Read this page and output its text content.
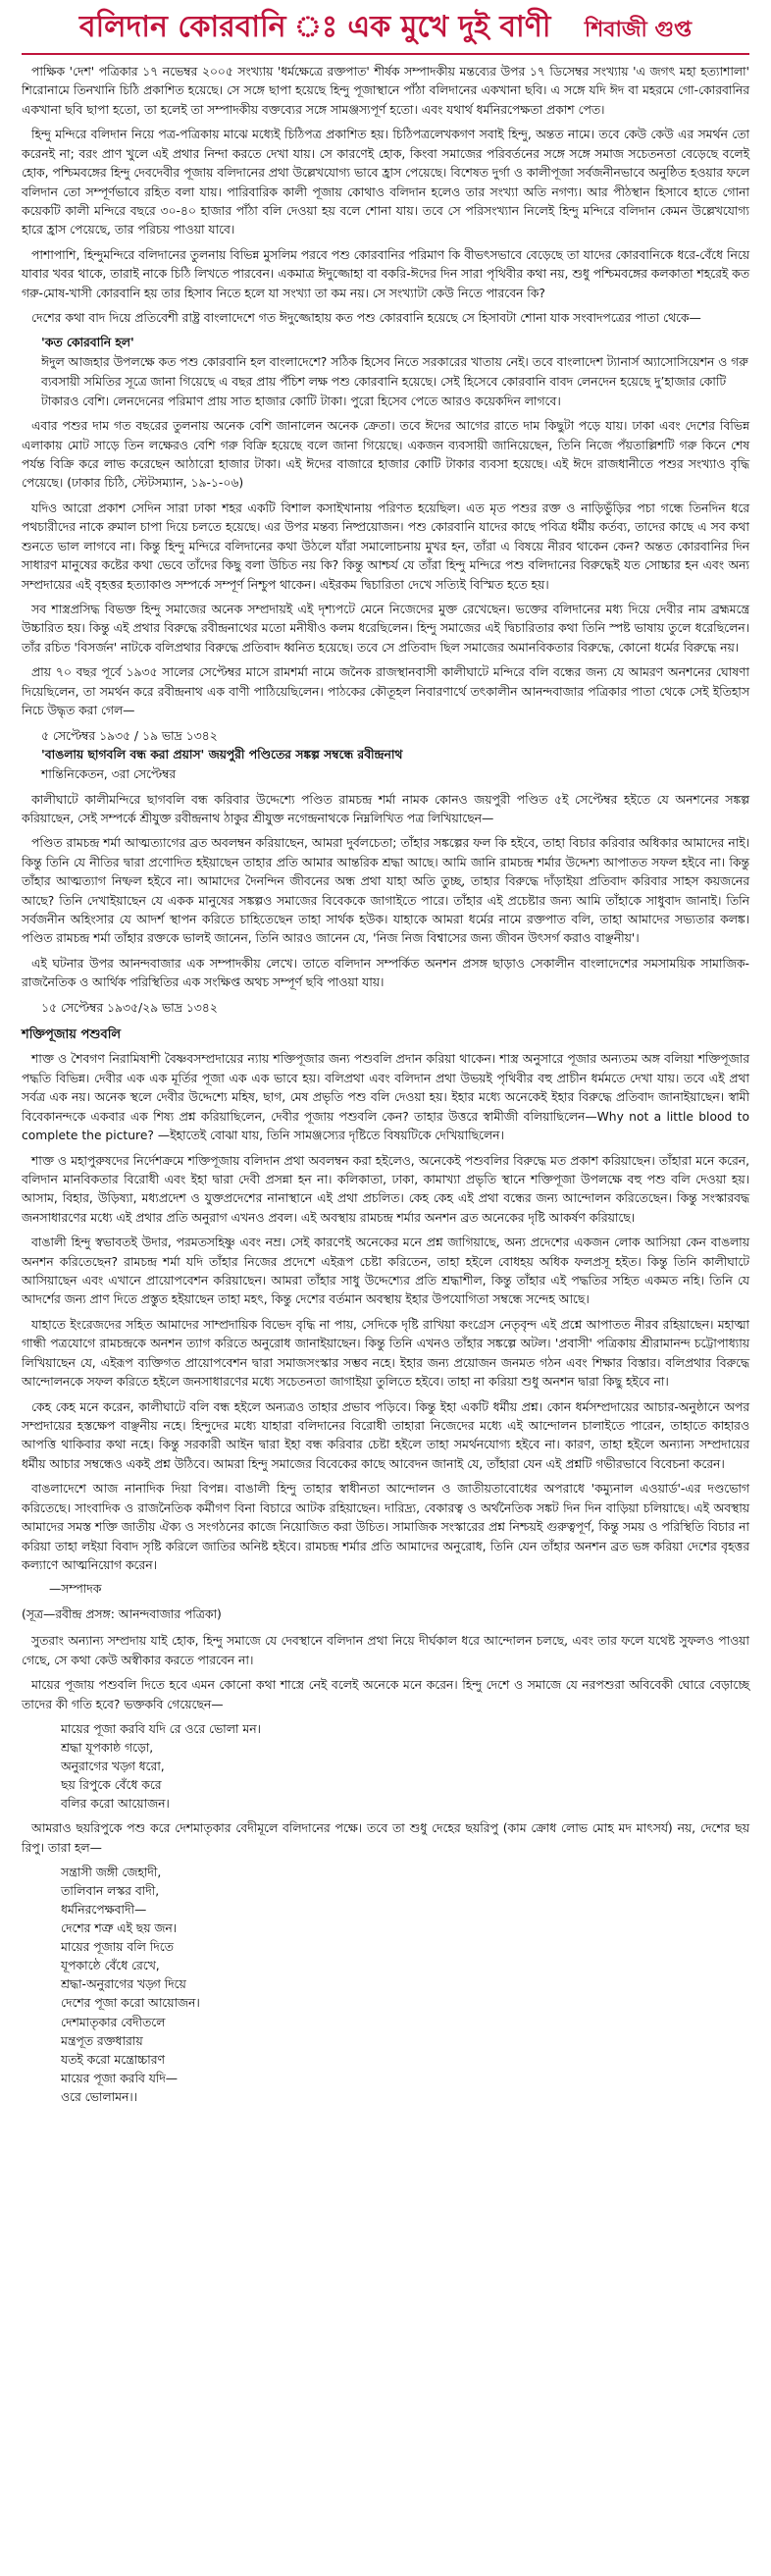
বলিদান কোরবানি ঃ এক মুখে দুই বাণী শিবাজী গুপ্ত

পাক্ষিক 'দেশ' পত্রিকার ১৭ নভেম্বর ২০০৫ সংখ্যায় 'ধর্মক্ষেত্রে রক্তপাত' শীর্ষক সম্পাদকীয় মন্তব্যের উপর ১৭ ডিসেম্বর সংখ্যায় 'এ জগৎ মহা হত্যাশালা' শিরোনামে তিনখানি চিঠি প্রকাশিত হয়েছে। সে সঙ্গে ছাপা হয়েছে হিন্দু পূজাস্থানে পাঁঠা বলিদানের একখানা ছবি। এ সঙ্গে যদি ঈদ বা মহরমে গো-কোরবানির একখানা ছবি ছাপা হতো, তা হলেই তা সম্পাদকীয় বক্তব্যের সঙ্গে সামঞ্জস্যপূর্ণ হতো। এবং যথার্থ ধর্মনিরপেক্ষতা প্রকাশ পেত।

হিন্দু মন্দিরে বলিদান নিয়ে পত্র-পত্রিকায় মাঝে মধ্যেই চিঠিপত্র প্রকাশিত হয়। চিঠিপত্রলেখকগণ সবাই হিন্দু, অন্তত নামে। তবে কেউ কেউ এর সমর্থন তো করেনই না; বরং প্রাণ খুলে এই প্রথার নিন্দা করতে দেখা যায়। সে কারণেই হোক, কিংবা সমাজের পরিবর্তনের সঙ্গে সঙ্গে সমাজ সচেতনতা বেড়েছে বলেই হোক, পশ্চিমবঙ্গের হিন্দু দেবদেবীর পূজায় বলিদানের প্রথা উল্লেখযোগ্য ভাবে হ্রাস পেয়েছে। বিশেষত দুর্গা ও কালীপূজা সর্বজনীনভাবে অনুষ্ঠিত হওয়ার ফলে বলিদান তো সম্পূর্ণভাবে রহিত বলা যায়। পারিবারিক কালী পূজায় কোথাও বলিদান হলেও তার সংখ্যা অতি নগণ্য। আর পীঠস্থান হিসাবে হাতে গোনা কয়েকটি কালী মন্দিরে বছরে ৩০-৪০ হাজার পাঁঠা বলি দেওয়া হয় বলে শোনা যায়। তবে সে পরিসংখ্যান নিলেই হিন্দু মন্দিরে বলিদান কেমন উল্লেখযোগ্য হারে হ্রাস পেয়েছে, তার পরিচয় পাওয়া যাবে।

পাশাপাশি, হিন্দুমন্দিরে বলিদানের তুলনায় বিভিন্ন মুসলিম পরবে পশু কোরবানির পরিমাণ কি বীভৎসভাবে বেড়েছে তা যাদের কোরবানিকে ধরে-বেঁধে নিয়ে যাবার খবর থাকে, তারাই নাকে চিঠি লিখতে পারবেন। একমাত্র ঈদুজ্জোহা বা বকরি-ঈদের দিন সারা পৃথিবীর কথা নয়, শুধু পশ্চিমবঙ্গের কলকাতা শহরেই কত গরু-মোষ-খাসী কোরবানি হয় তার হিসাব নিতে হলে যা সংখ্যা তা কম নয়। সে সংখ্যাটা কেউ নিতে পারবেন কি?

দেশের কথা বাদ দিয়ে প্রতিবেশী রাষ্ট্র বাংলাদেশে গত ঈদুজ্জোহায় কত পশু কোরবানি হয়েছে সে হিসাবটা শোনা যাক সংবাদপত্রের পাতা থেকে—

'কত কোরবানি হল'
ঈদুল আজহার উপলক্ষে কত পশু কোরবানি হল বাংলাদেশে? সঠিক হিসেব নিতে সরকারের খাতায় নেই। তবে বাংলাদেশ ট্যানার্স অ্যাসোসিয়েশন ও গরু ব্যবসায়ী সমিতির সূত্রে জানা গিয়েছে এ বছর প্রায় পঁচিশ লক্ষ পশু কোরবানি হয়েছে। সেই হিসেবে কোরবানি বাবদ লেনদেন হয়েছে দু’হাজার কোটি টাকারও বেশি। লেনদেনের পরিমাণ প্রায় সাত হাজার কোটি টাকা। পুরো হিসেব পেতে আরও কয়েকদিন লাগবে।

এবার পশুর দাম গত বছরের তুলনায় অনেক বেশি জানালেন অনেক ক্রেতা। তবে ঈদের আগের রাতে দাম কিছুটা পড়ে যায়। ঢাকা এবং দেশের বিভিন্ন এলাকায় মোট সাড়ে তিন লক্ষেরও বেশি গরু বিক্রি হয়েছে বলে জানা গিয়েছে। একজন ব্যবসায়ী জানিয়েছেন, তিনি নিজে পঁয়তাল্লিশটি গরু কিনে শেষ পর্যন্ত বিক্রি করে লাভ করেছেন আঠারো হাজার টাকা। এই ঈদের বাজারে হাজার কোটি টাকার ব্যবসা হয়েছে। এই ঈদে রাজধানীতে পশুর সংখ্যাও বৃদ্ধি পেয়েছে। (ঢাকার চিঠি, স্টেটসম্যান, ১৯-১-০৬)

যদিও আরো প্রকাশ সেদিন সারা ঢাকা শহর একটি বিশাল কসাইখানায় পরিণত হয়েছিল। এত মৃত পশুর রক্ত ও নাড়িভুঁড়ির পচা গন্ধে তিনদিন ধরে পথচারীদের নাকে রুমাল চাপা দিয়ে চলতে হয়েছে। এর উপর মন্তব্য নিষ্প্রয়োজন। পশু কোরবানি যাদের কাছে পবিত্র ধর্মীয় কর্তব্য, তাদের কাছে এ সব কথা শুনতে ভাল লাগবে না। কিন্তু হিন্দু মন্দিরে বলিদানের কথা উঠলে যাঁরা সমালোচনায় মুখর হন, তাঁরা এ বিষয়ে নীরব থাকেন কেন? অন্তত কোরবানির দিন সাধারণ মানুষের কষ্টের কথা ভেবে তাঁদের কিছু বলা উচিত নয় কি? কিন্তু আশ্চর্য যে তাঁরা হিন্দু মন্দিরে পশু বলিদানের বিরুদ্ধেই যত সোচ্চার হন এবং অন্য সম্প্রদায়ের এই বৃহত্তর হত্যাকাণ্ড সম্পর্কে সম্পূর্ণ নিশ্চুপ থাকেন। এইরকম দ্বিচারিতা দেখে সত্যিই বিস্মিত হতে হয়।

সব শাস্ত্রপ্রসিদ্ধ বিভক্ত হিন্দু সমাজের অনেক সম্প্রদায়ই এই দৃশ্যপটে মেনে নিজেদের মুক্ত রেখেছেন। ভক্তের বলিদানের মধ্য দিয়ে দেবীর নাম ব্রহ্মমন্ত্রে উচ্চারিত হয়। কিন্তু এই প্রথার বিরুদ্ধে রবীন্দ্রনাথের মতো মনীষীও কলম ধরেছিলেন। হিন্দু সমাজের এই দ্বিচারিতার কথা তিনি স্পষ্ট ভাষায় তুলে ধরেছিলেন। তাঁর রচিত 'বিসর্জন' নাটকে বলিপ্রথার বিরুদ্ধে প্রতিবাদ ধ্বনিত হয়েছে। তবে সে প্রতিবাদ ছিল সমাজের অমানবিকতার বিরুদ্ধে, কোনো ধর্মের বিরুদ্ধে নয়।

প্রায় ৭০ বছর পূর্বে ১৯৩৫ সালের সেপ্টেম্বর মাসে রামশর্মা নামে জনৈক রাজস্থানবাসী কালীঘাটে মন্দিরে বলি বন্ধের জন্য যে আমরণ অনশনের ঘোষণা দিয়েছিলেন, তা সমর্থন করে রবীন্দ্রনাথ এক বাণী পাঠিয়েছিলেন। পাঠকের কৌতূহল নিবারণার্থে তৎকালীন আনন্দবাজার পত্রিকার পাতা থেকে সেই ইতিহাস নিচে উদ্ধৃত করা গেল—

৫ সেপ্টেম্বর ১৯৩৫ / ১৯ ভাদ্র ১৩৪২
'বাঙলায় ছাগবলি বন্ধ করা প্রয়াস' জয়পুরী পণ্ডিতের সঙ্কল্প সম্বন্ধে রবীন্দ্রনাথ
শান্তিনিকেতন, ৩রা সেপ্টেম্বর

কালীঘাটে কালীমন্দিরে ছাগবলি বন্ধ করিবার উদ্দেশ্যে পণ্ডিত রামচন্দ্র শর্মা নামক কোনও জয়পুরী পণ্ডিত ৫ই সেপ্টেম্বর হইতে যে অনশনের সঙ্কল্প করিয়াছেন, সেই সম্পর্কে শ্রীযুক্ত রবীন্দ্রনাথ ঠাকুর শ্রীযুক্ত নগেন্দ্রনাথকে নিম্নলিখিত পত্র লিখিয়াছেন—

পণ্ডিত রামচন্দ্র শর্মা আত্মত্যাগের ব্রত অবলম্বন করিয়াছেন, আমরা দুর্বলচেতা; তাঁহার সঙ্কল্পের ফল কি হইবে, তাহা বিচার করিবার অধিকার আমাদের নাই। কিন্তু তিনি যে নীতির দ্বারা প্রণোদিত হইয়াছেন তাহার প্রতি আমার আন্তরিক শ্রদ্ধা আছে। আমি জানি রামচন্দ্র শর্মার উদ্দেশ্য আপাতত সফল হইবে না। কিন্তু তাঁহার আত্মত্যাগ নিষ্ফল হইবে না। আমাদের দৈনন্দিন জীবনের অন্ধ প্রথা যাহা অতি তুচ্ছ, তাহার বিরুদ্ধে দাঁড়াইয়া প্রতিবাদ করিবার সাহস কয়জনের আছে? তিনি দেখাইয়াছেন যে একক মানুষের সঙ্কল্পও সমাজের বিবেককে জাগাইতে পারে। তাঁহার এই প্রচেষ্টার জন্য আমি তাঁহাকে সাধুবাদ জানাই। তিনি সর্বজনীন অহিংসার যে আদর্শ স্থাপন করিতে চাহিতেছেন তাহা সার্থক হউক। যাহাকে আমরা ধর্মের নামে রক্তপাত বলি, তাহা আমাদের সভ্যতার কলঙ্ক। পণ্ডিত রামচন্দ্র শর্মা তাঁহার রক্তকে ভালই জানেন, তিনি আরও জানেন যে, 'নিজ নিজ বিশ্বাসের জন্য জীবন উৎসর্গ করাও বাঞ্ছনীয়'।

এই ঘটনার উপর আনন্দবাজার এক সম্পাদকীয় লেখে। তাতে বলিদান সম্পর্কিত অনশন প্রসঙ্গ ছাড়াও সেকালীন বাংলাদেশের সমসাময়িক সামাজিক-রাজনৈতিক ও আর্থিক পরিস্থিতির এক সংক্ষিপ্ত অথচ সম্পূর্ণ ছবি পাওয়া যায়।

১৫ সেপ্টেম্বর ১৯৩৫/২৯ ভাদ্র ১৩৪২
শক্তিপূজায় পশুবলি

শাক্ত ও শৈবগণ নিরামিষাশী বৈষ্ণবসম্প্রদায়ের ন্যায় শক্তিপূজার জন্য পশুবলি প্রদান করিয়া থাকেন। শাস্ত্র অনুসারে পূজার অন্যতম অঙ্গ বলিয়া শক্তিপূজার পদ্ধতি বিভিন্ন। দেবীর এক এক মূর্তির পূজা এক এক ভাবে হয়। বলিপ্রথা এবং বলিদান প্রথা উভয়ই পৃথিবীর বহু প্রাচীন ধর্মমতে দেখা যায়। তবে এই প্রথা সর্বত্র এক নয়। অনেক স্থলে দেবীর উদ্দেশ্যে মহিষ, ছাগ, মেষ প্রভৃতি পশু বলি দেওয়া হয়। ইহার মধ্যে অনেকেই ইহার বিরুদ্ধে প্রতিবাদ জানাইয়াছেন। স্বামী বিবেকানন্দকে একবার এক শিষ্য প্রশ্ন করিয়াছিলেন, দেবীর পূজায় পশুবলি কেন? তাহার উত্তরে স্বামীজী বলিয়াছিলেন—Why not a little blood to complete the picture? —ইহাতেই বোঝা যায়, তিনি সামঞ্জস্যের দৃষ্টিতে বিষয়টিকে দেখিয়াছিলেন।

শাক্ত ও মহাপুরুষদের নির্দেশক্রমে শক্তিপূজায় বলিদান প্রথা অবলম্বন করা হইলেও, অনেকেই পশুবলির বিরুদ্ধে মত প্রকাশ করিয়াছেন। তাঁহারা মনে করেন, বলিদান মানবিকতার বিরোধী এবং ইহা দ্বারা দেবী প্রসন্না হন না। কলিকাতা, ঢাকা, কামাখ্যা প্রভৃতি স্থানে শক্তিপূজা উপলক্ষে বহু পশু বলি দেওয়া হয়। আসাম, বিহার, উড়িষ্যা, মধ্যপ্রদেশ ও যুক্তপ্রদেশের নানাস্থানে এই প্রথা প্রচলিত। কেহ কেহ এই প্রথা বন্ধের জন্য আন্দোলন করিতেছেন। কিন্তু সংস্কারবদ্ধ জনসাধারণের মধ্যে এই প্রথার প্রতি অনুরাগ এখনও প্রবল। এই অবস্থায় রামচন্দ্র শর্মার অনশন ব্রত অনেকের দৃষ্টি আকর্ষণ করিয়াছে।

বাঙালী হিন্দু স্বভাবতই উদার, পরমতসহিষ্ণু এবং নম্র। সেই কারণেই অনেকের মনে প্রশ্ন জাগিয়াছে, অন্য প্রদেশের একজন লোক আসিয়া কেন বাঙলায় অনশন করিতেছেন? রামচন্দ্র শর্মা যদি তাঁহার নিজের প্রদেশে এইরূপ চেষ্টা করিতেন, তাহা হইলে বোধহয় অধিক ফলপ্রসূ হইত। কিন্তু তিনি কালীঘাটে আসিয়াছেন এবং এখানে প্রায়োপবেশন করিয়াছেন। আমরা তাঁহার সাধু উদ্দেশ্যের প্রতি শ্রদ্ধাশীল, কিন্তু তাঁহার এই পদ্ধতির সহিত একমত নহি। তিনি যে আদর্শের জন্য প্রাণ দিতে প্রস্তুত হইয়াছেন তাহা মহৎ, কিন্তু দেশের বর্তমান অবস্থায় ইহার উপযোগিতা সম্বন্ধে সন্দেহ আছে।

যাহাতে ইংরেজদের সহিত আমাদের সাম্প্রদায়িক বিভেদ বৃদ্ধি না পায়, সেদিকে দৃষ্টি রাখিয়া কংগ্রেস নেতৃবৃন্দ এই প্রশ্নে আপাতত নীরব রহিয়াছেন। মহাত্মা গান্ধী পত্রযোগে রামচন্দ্রকে অনশন ত্যাগ করিতে অনুরোধ জানাইয়াছেন। কিন্তু তিনি এখনও তাঁহার সঙ্কল্পে অটল। 'প্রবাসী' পত্রিকায় শ্রীরামানন্দ চট্টোপাধ্যায় লিখিয়াছেন যে, এইরূপ ব্যক্তিগত প্রায়োপবেশন দ্বারা সমাজসংস্কার সম্ভব নহে। ইহার জন্য প্রয়োজন জনমত গঠন এবং শিক্ষার বিস্তার। বলিপ্রথার বিরুদ্ধে আন্দোলনকে সফল করিতে হইলে জনসাধারণের মধ্যে সচেতনতা জাগাইয়া তুলিতে হইবে। তাহা না করিয়া শুধু অনশন দ্বারা কিছু হইবে না।

কেহ কেহ মনে করেন, কালীঘাটে বলি বন্ধ হইলে অন্যত্রও তাহার প্রভাব পড়িবে। কিন্তু ইহা একটি ধর্মীয় প্রশ্ন। কোন ধর্মসম্প্রদায়ের আচার-অনুষ্ঠানে অপর সম্প্রদায়ের হস্তক্ষেপ বাঞ্ছনীয় নহে। হিন্দুদের মধ্যে যাহারা বলিদানের বিরোধী তাহারা নিজেদের মধ্যে এই আন্দোলন চালাইতে পারেন, তাহাতে কাহারও আপত্তি থাকিবার কথা নহে। কিন্তু সরকারী আইন দ্বারা ইহা বন্ধ করিবার চেষ্টা হইলে তাহা সমর্থনযোগ্য হইবে না। কারণ, তাহা হইলে অন্যান্য সম্প্রদায়ের ধর্মীয় আচার সম্বন্ধেও একই প্রশ্ন উঠিবে। আমরা হিন্দু সমাজের বিবেকের কাছে আবেদন জানাই যে, তাঁহারা যেন এই প্রশ্নটি গভীরভাবে বিবেচনা করেন।

বাঙলাদেশে আজ নানাদিক দিয়া বিপন্ন। বাঙালী হিন্দু তাহার স্বাধীনতা আন্দোলন ও জাতীয়তাবোধের অপরাধে 'কম্যুনাল এওয়ার্ড'-এর দণ্ডভোগ করিতেছে। সাংবাদিক ও রাজনৈতিক কর্মীগণ বিনা বিচারে আটক রহিয়াছেন। দারিদ্র্য, বেকারত্ব ও অর্থনৈতিক সঙ্কট দিন দিন বাড়িয়া চলিয়াছে। এই অবস্থায় আমাদের সমস্ত শক্তি জাতীয় ঐক্য ও সংগঠনের কাজে নিয়োজিত করা উচিত। সামাজিক সংস্কারের প্রশ্ন নিশ্চয়ই গুরুত্বপূর্ণ, কিন্তু সময় ও পরিস্থিতি বিচার না করিয়া তাহা লইয়া বিবাদ সৃষ্টি করিলে জাতির অনিষ্ট হইবে। রামচন্দ্র শর্মার প্রতি আমাদের অনুরোধ, তিনি যেন তাঁহার অনশন ব্রত ভঙ্গ করিয়া দেশের বৃহত্তর কল্যাণে আত্মনিয়োগ করেন।

—সম্পাদক
(সূত্র—রবীন্দ্র প্রসঙ্গ: আনন্দবাজার পত্রিকা)

সুতরাং অন্যান্য সম্প্রদায় যাই হোক, হিন্দু সমাজে যে দেবস্থানে বলিদান প্রথা নিয়ে দীর্ঘকাল ধরে আন্দোলন চলছে, এবং তার ফলে যথেষ্ট সুফলও পাওয়া গেছে, সে কথা কেউ অস্বীকার করতে পারবেন না।

মায়ের পূজায় পশুবলি দিতে হবে এমন কোনো কথা শাস্ত্রে নেই বলেই অনেকে মনে করেন। হিন্দু দেশে ও সমাজে যে নরপশুরা অবিবেকী ঘোরে বেড়াচ্ছে তাদের কী গতি হবে? ভক্তকবি গেয়েছেন—

মায়ের পূজা করবি যদি রে ওরে ভোলা মন।
শ্রদ্ধা যূপকাষ্ঠ গড়ো,
অনুরাগের খড়্গ ধরো,
ছয় রিপুকে বেঁধে করে
বলির করো আয়োজন।

আমরাও ছয়রিপুকে পশু করে দেশমাতৃকার বেদীমূলে বলিদানের পক্ষে। তবে তা শুধু দেহের ছয়রিপু (কাম ক্রোধ লোভ মোহ মদ মাৎসর্য) নয়, দেশের ছয় রিপু। তারা হল—

সন্ত্রাসী জঙ্গী জেহাদী,
তালিবান লস্কর বাদী,
ধর্মনিরপেক্ষবাদী—
দেশের শত্রু এই ছয় জন।
মায়ের পূজায় বলি দিতে
যূপকাষ্ঠে বেঁধে রেখে,
শ্রদ্ধা-অনুরাগের খড়্গ দিয়ে
দেশের পূজা করো আয়োজন।
দেশমাতৃকার বেদীতলে
মন্ত্রপূত রক্তধারায়
যতই করো মন্ত্রোচ্চারণ
মায়ের পূজা করবি যদি—
ওরে ভোলামন।।
